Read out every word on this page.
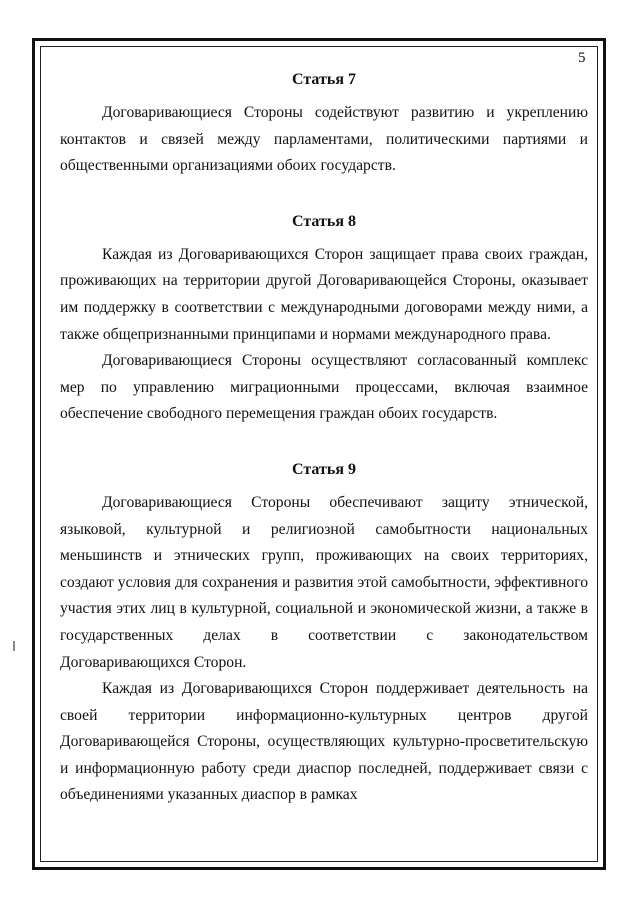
5
Статья 7

Договаривающиеся Стороны содействуют развитию и укреплению контактов и связей между парламентами, политическими партиями и общественными организациями обоих государств.

Статья 8

Каждая из Договаривающихся Сторон защищает права своих граждан, проживающих на территории другой Договаривающейся Стороны, оказывает им поддержку в соответствии с международными договорами между ними, а также общепризнанными принципами и нормами международного права.

Договаривающиеся Стороны осуществляют согласованный комплекс мер по управлению миграционными процессами, включая взаимное обеспечение свободного перемещения граждан обоих государств.

Статья 9

Договаривающиеся Стороны обеспечивают защиту этнической, языковой, культурной и религиозной самобытности национальных меньшинств и этнических групп, проживающих на своих территориях, создают условия для сохранения и развития этой самобытности, эффективного участия этих лиц в культурной, социальной и экономической жизни, а также в государственных делах в соответствии с законодательством Договаривающихся Сторон.

Каждая из Договаривающихся Сторон поддерживает деятельность на своей территории информационно-культурных центров другой Договаривающейся Стороны, осуществляющих культурно-просветительскую и информационную работу среди диаспор последней, поддерживает связи с объединениями указанных диаспор в рамках
